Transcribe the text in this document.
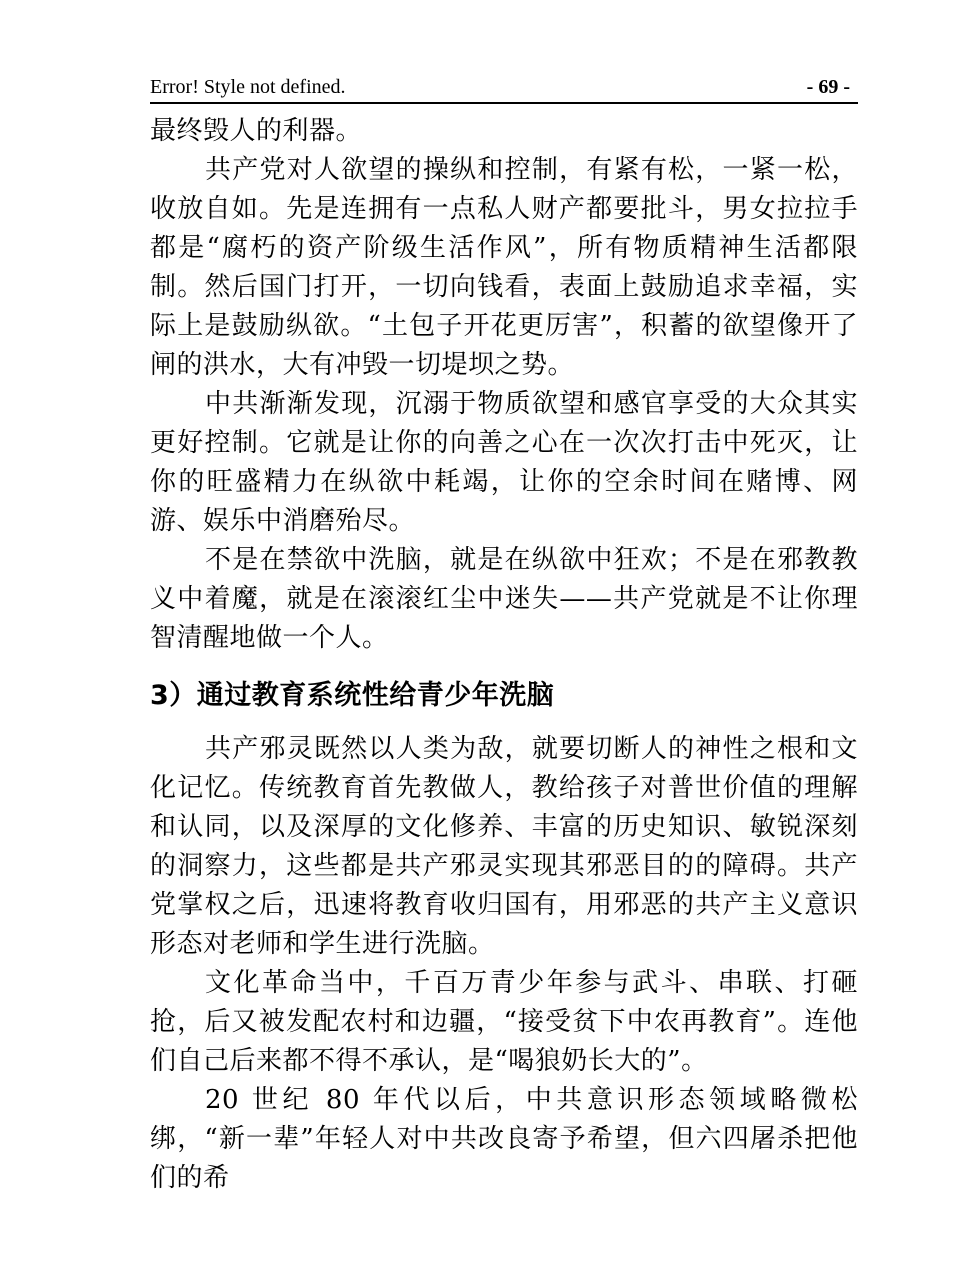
Error! Style not defined.	- 69 -

最终毁人的利器。

共产党对人欲望的操纵和控制，有紧有松，一紧一松，收放自如。先是连拥有一点私人财产都要批斗，男女拉拉手都是“腐朽的资产阶级生活作风”，所有物质精神生活都限制。然后国门打开，一切向钱看，表面上鼓励追求幸福，实际上是鼓励纵欲。“土包子开花更厉害”，积蓄的欲望像开了闸的洪水，大有冲毁一切堤坝之势。

中共渐渐发现，沉溺于物质欲望和感官享受的大众其实更好控制。它就是让你的向善之心在一次次打击中死灭，让你的旺盛精力在纵欲中耗竭，让你的空余时间在赌博、网游、娱乐中消磨殆尽。

不是在禁欲中洗脑，就是在纵欲中狂欢；不是在邪教教义中着魔，就是在滚滚红尘中迷失——共产党就是不让你理智清醒地做一个人。

3）通过教育系统性给青少年洗脑

共产邪灵既然以人类为敌，就要切断人的神性之根和文化记忆。传统教育首先教做人，教给孩子对普世价值的理解和认同，以及深厚的文化修养、丰富的历史知识、敏锐深刻的洞察力，这些都是共产邪灵实现其邪恶目的的障碍。共产党掌权之后，迅速将教育收归国有，用邪恶的共产主义意识形态对老师和学生进行洗脑。

文化革命当中，千百万青少年参与武斗、串联、打砸抢，后又被发配农村和边疆，“接受贫下中农再教育”。连他们自己后来都不得不承认，是“喝狼奶长大的”。

20 世纪 80 年代以后，中共意识形态领域略微松绑，“新一辈”年轻人对中共改良寄予希望，但六四屠杀把他们的希
